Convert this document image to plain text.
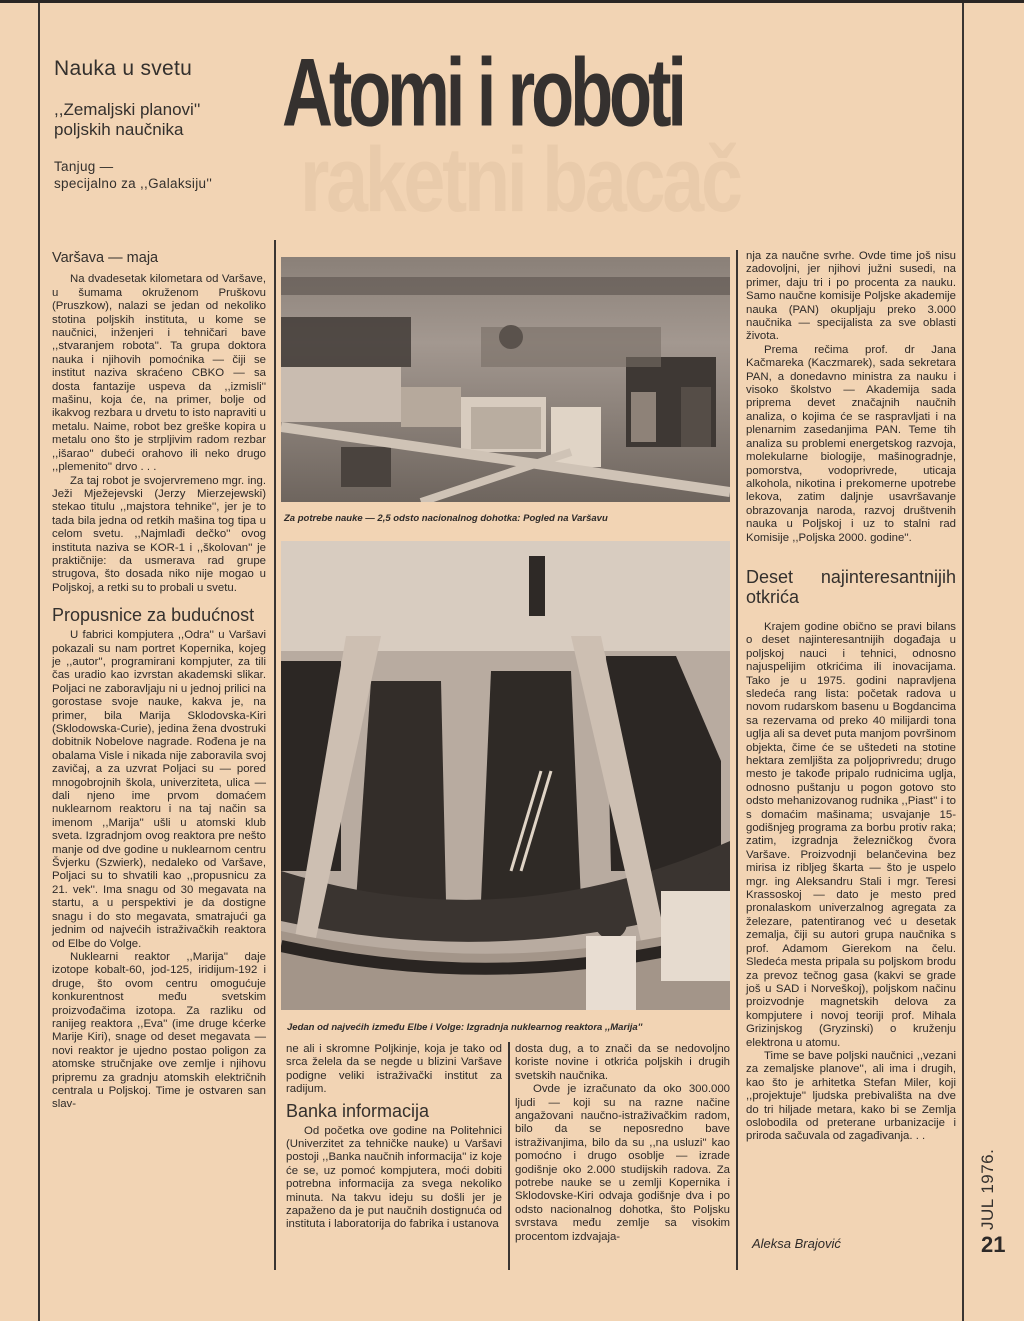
Nauka u svetu
,,Zemaljski planovi''
poljskih naučnika
Tanjug —
specijalno za ,,Galaksiju'' raketni bacač
Atomi i roboti
Varšava — maja

Na dvadesetak kilometara od Varšave, u šumama okruženom Pruškovu (Pruszkow), nalazi se jedan od nekoliko stotina poljskih instituta, u kome se naučnici, inženjeri i tehničari bave ,,stvaranjem robota''. Ta grupa doktora nauka i njihovih pomoćnika — čiji se institut naziva skraćeno CBKO — sa dosta fantazije uspeva da ,,izmisli'' mašinu, koja će, na primer, bolje od ikakvog rezbara u drvetu to isto napraviti u metalu. Naime, robot bez greške kopira u metalu ono što je strpljivim radom rezbar ,,išarao'' dubeći orahovo ili neko drugo ,,plemenito'' drvo . . .

Za taj robot je svojervremeno mgr. ing. Ježi Mježejevski (Jerzy Mierzejewski) stekao titulu ,,majstora tehnike'', jer je to tada bila jedna od retkih mašina tog tipa u celom svetu. ,,Najmlađi dečko'' ovog instituta naziva se KOR-1 i ,,školovan'' je praktičnije: da usmerava rad grupe strugova, što dosada niko nije mogao u Poljskoj, a retki su to probali u svetu.

Propusnice za budućnost

U fabrici kompjutera ,,Odra'' u Varšavi pokazali su nam portret Kopernika, kojeg je ,,autor'', programirani kompjuter, za tili čas uradio kao izvrstan akademski slikar. Poljaci ne zaboravljaju ni u jednoj prilici na gorostase svoje nauke, kakva je, na primer, bila Marija Sklodovska-Kiri (Sklodowska-Curie), jedina žena dvostruki dobitnik Nobelove nagrade. Rođena je na obalama Visle i nikada nije zaboravila svoj zavičaj, a za uzvrat Poljaci su — pored mnogobrojnih škola, univerziteta, ulica — dali njeno ime prvom domaćem nuklearnom reaktoru i na taj način sa imenom ,,Marija'' ušli u atomski klub sveta. Izgradnjom ovog reaktora pre nešto manje od dve godine u nuklearnom centru Švjerku (Szwierk), nedaleko od Varšave, Poljaci su to shvatili kao ,,propusnicu za 21. vek''. Ima snagu od 30 megavata na startu, a u perspektivi je da dostigne snagu i do sto megavata, smatrajući ga jednim od najvećih istraživačkih reaktora od Elbe do Volge.

Nuklearni reaktor ,,Marija'' daje izotope kobalt-60, jod-125, iridijum-192 i druge, što ovom centru omogućuje konkurentnost među svetskim proizvođačima izotopa. Za razliku od ranijeg reaktora ,,Eva'' (ime druge kćerke Marije Kiri), snage od deset megavata — novi reaktor je ujedno postao poligon za atomske stručnjake ove zemlje i njihovu pripremu za gradnju atomskih električnih centrala u Poljskoj. Time je ostvaren san slav-

Za potrebe nauke — 2,5 odsto nacionalnog dohotka: Pogled na Varšavu
Jedan od najvećih između Elbe i Volge: Izgradnja nuklearnog reaktora ,,Marija''

ne ali i skromne Poljkinje, koja je tako od srca želela da se negde u blizini Varšave podigne veliki istraživački institut za radijum.

Banka informacija

Od početka ove godine na Politehnici (Univerzitet za tehničke nauke) u Varšavi postoji ,,Banka naučnih informacija'' iz koje će se, uz pomoć kompjutera, moći dobiti potrebna informacija za svega nekoliko minuta. Na takvu ideju su došli jer je zapaženo da je put naučnih dostignuća od instituta i laboratorija do fabrika i ustanova

dosta dug, a to znači da se nedovoljno koriste novine i otkrića poljskih i drugih svetskih naučnika.

Ovde je izračunato da oko 300.000 ljudi — koji su na razne načine angažovani naučno-istraživačkim radom, bilo da se neposredno bave istraživanjima, bilo da su ,,na usluzi'' kao pomoćno i drugo osoblje — izrade godišnje oko 2.000 studijskih radova. Za potrebe nauke se u zemlji Kopernika i Sklodovske-Kiri odvaja godišnje dva i po odsto nacionalnog dohotka, što Poljsku svrstava među zemlje sa visokim procentom izdvajaja-

nja za naučne svrhe. Ovde time još nisu zadovoljni, jer njihovi južni susedi, na primer, daju tri i po procenta za nauku. Samo naučne komisije Poljske akademije nauka (PAN) okupljaju preko 3.000 naučnika — specijalista za sve oblasti života.

Prema rečima prof. dr Jana Kačmareka (Kaczmarek), sada sekretara PAN, a donedavno ministra za nauku i visoko školstvo — Akademija sada priprema devet značajnih naučnih analiza, o kojima će se raspravljati i na plenarnim zasedanjima PAN. Teme tih analiza su problemi energetskog razvoja, molekularne biologije, mašinogradnje, pomorstva, vodoprivrede, uticaja alkohola, nikotina i prekomerne upotrebe lekova, zatim daljnje usavršavanje obrazovanja naroda, razvoj društvenih nauka u Poljskoj i uz to stalni rad Komisije ,,Poljska 2000. godine''.

Deset najinteresantnijih otkrića

Krajem godine obično se pravi bilans o deset najinteresantnijih događaja u poljskoj nauci i tehnici, odnosno najuspelijim otkrićima ili inovacijama. Tako je u 1975. godini napravljena sledeća rang lista: početak radova u novom rudarskom basenu u Bogdancima sa rezervama od preko 40 milijardi tona uglja ali sa devet puta manjom površinom objekta, čime će se uštedeti na stotine hektara zemljišta za poljoprivredu; drugo mesto je takođe pripalo rudnicima uglja, odnosno puštanju u pogon gotovo sto odsto mehanizovanog rudnika ,,Piast'' i to s domaćim mašinama; usvajanje 15-godišnjeg programa za borbu protiv raka; zatim, izgradnja železničkog čvora Varšave. Proizvodnji belančevina bez mirisa iz ribljeg škarta — što je uspelo mgr. ing Aleksandru Stali i mgr. Teresi Krassoskoj — dato je mesto pred pronalaskom univerzalnog agregata za železare, patentiranog već u desetak zemalja, čiji su autori grupa naučnika s prof. Adamom Gierekom na čelu. Sledeća mesta pripala su poljskom brodu za prevoz tečnog gasa (kakvi se grade još u SAD i Norveškoj), poljskom načinu proizvodnje magnetskih delova za kompjutere i novoj teoriji prof. Mihala Grizinjskog (Gryzinski) o kruženju elektrona u atomu.

Time se bave poljski naučnici ,,vezani za zemaljske planove'', ali ima i drugih, kao što je arhitetka Stefan Miler, koji ,,projektuje'' ljudska prebivališta na dve do tri hiljade metara, kako bi se Zemlja oslobodila od preterane urbanizacije i priroda sačuvala od zagađivanja. . .

Aleksa Brajović
JUL 1976.
21
